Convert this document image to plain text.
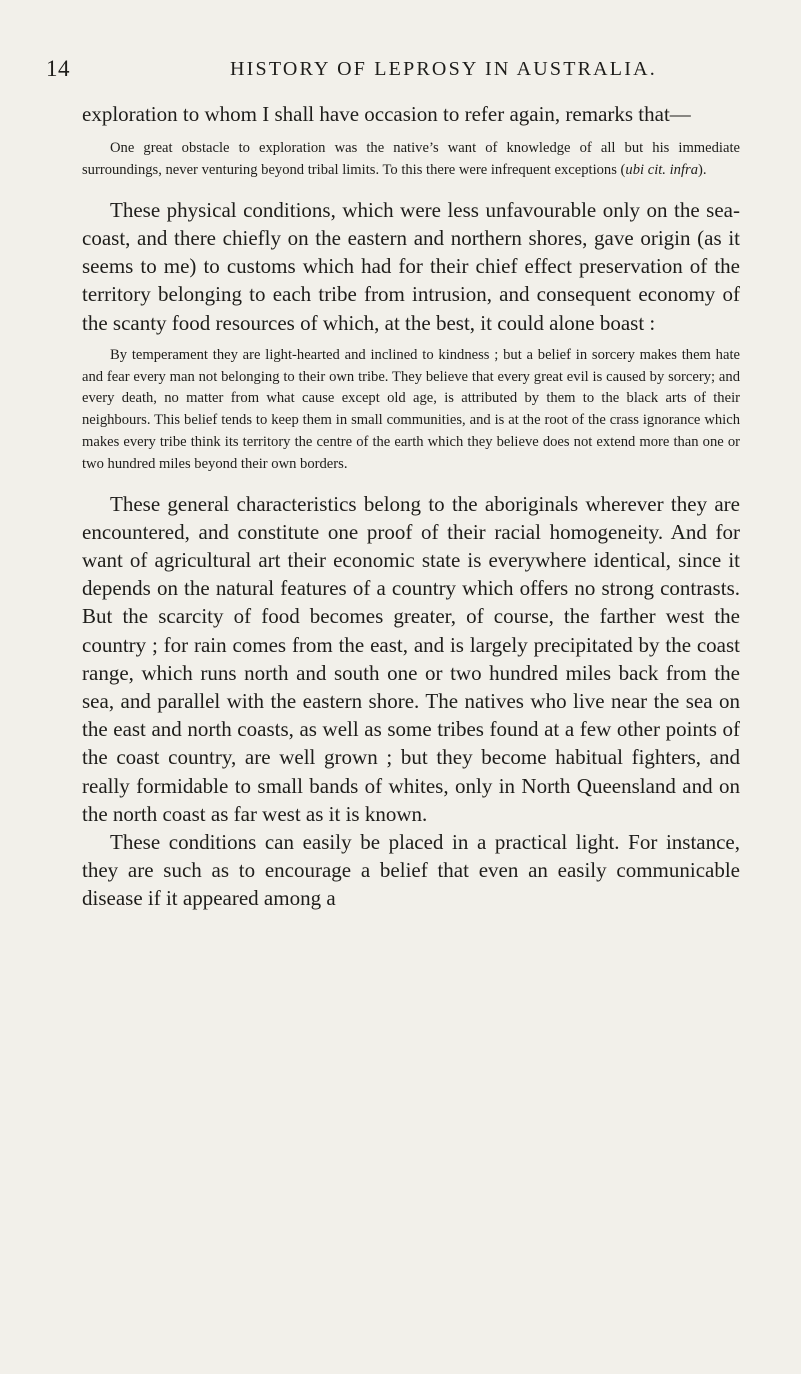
14	HISTORY OF LEPROSY IN AUSTRALIA.

exploration to whom I shall have occasion to refer again, remarks that—

One great obstacle to exploration was the native’s want of knowledge of all but his immediate surroundings, never venturing beyond tribal limits. To this there were infrequent exceptions (ubi cit. infra).

These physical conditions, which were less unfavourable only on the sea-coast, and there chiefly on the eastern and northern shores, gave origin (as it seems to me) to customs which had for their chief effect preservation of the territory belonging to each tribe from intrusion, and consequent economy of the scanty food resources of which, at the best, it could alone boast :

By temperament they are light-hearted and inclined to kindness ; but a belief in sorcery makes them hate and fear every man not belonging to their own tribe. They believe that every great evil is caused by sorcery; and every death, no matter from what cause except old age, is attributed by them to the black arts of their neighbours. This belief tends to keep them in small communities, and is at the root of the crass ignorance which makes every tribe think its territory the centre of the earth which they believe does not extend more than one or two hundred miles beyond their own borders.

These general characteristics belong to the aboriginals wherever they are encountered, and constitute one proof of their racial homogeneity. And for want of agricultural art their economic state is everywhere identical, since it depends on the natural features of a country which offers no strong contrasts. But the scarcity of food becomes greater, of course, the farther west the country ; for rain comes from the east, and is largely precipitated by the coast range, which runs north and south one or two hundred miles back from the sea, and parallel with the eastern shore. The natives who live near the sea on the east and north coasts, as well as some tribes found at a few other points of the coast country, are well grown ; but they become habitual fighters, and really formidable to small bands of whites, only in North Queensland and on the north coast as far west as it is known.

These conditions can easily be placed in a practical light. For instance, they are such as to encourage a belief that even an easily communicable disease if it appeared among a
